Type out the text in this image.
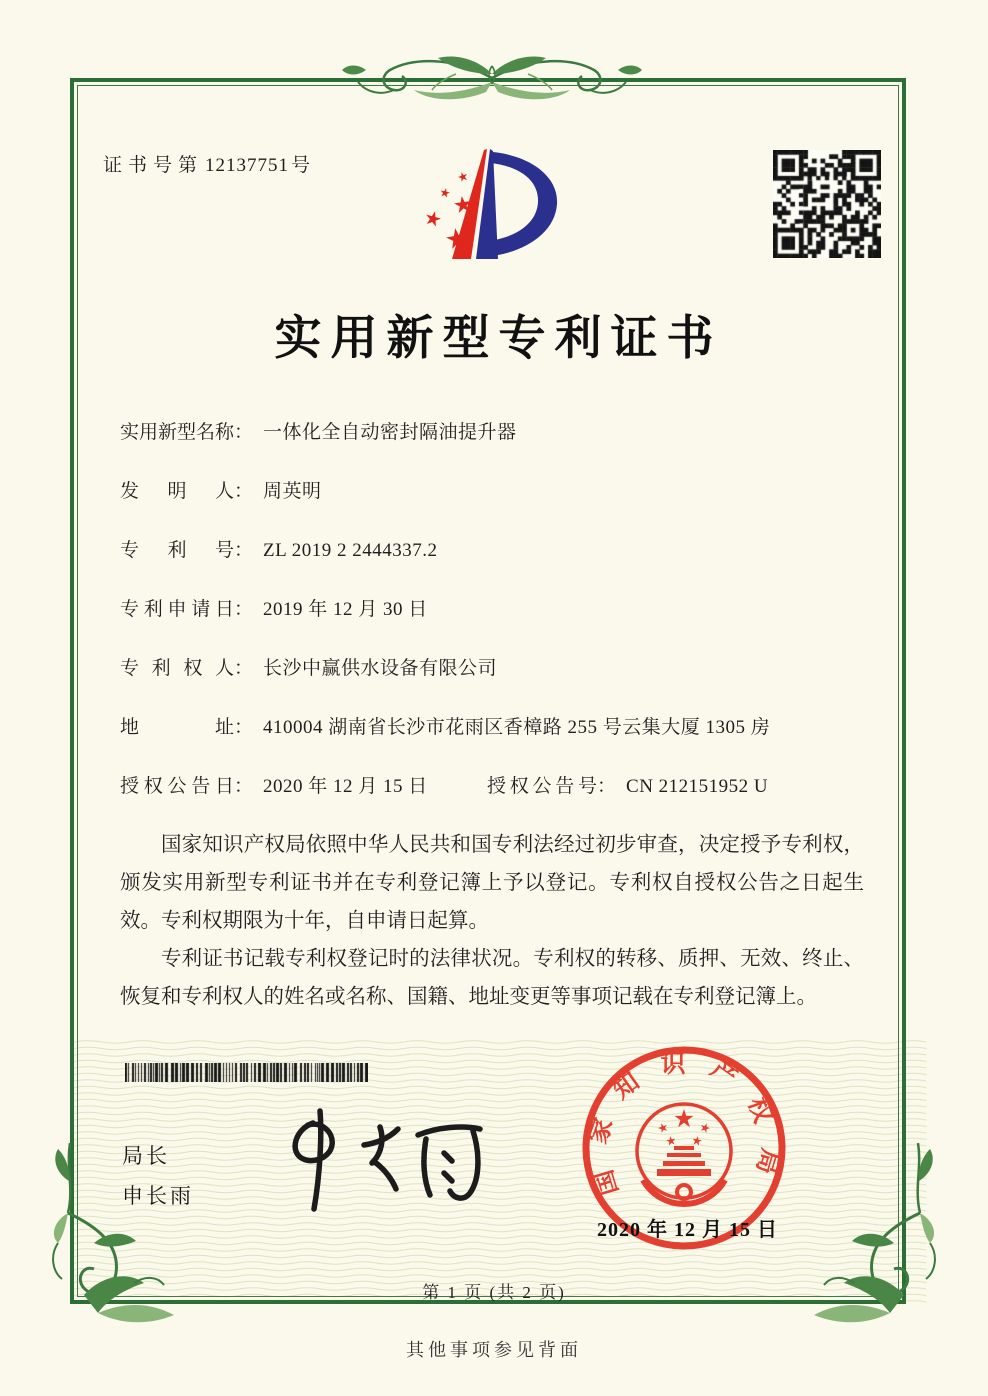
证书号第 12137751 号
实用新型专利证书
实用新型名称： 一体化全自动密封隔油提升器
发明人： 周英明
专利号： ZL 2019 2 2444337.2
专利申请日： 2019 年 12 月 30 日
专利权人： 长沙中赢供水设备有限公司
地址： 410004 湖南省长沙市花雨区香樟路 255 号云集大厦 1305 房
授权公告日： 2020 年 12 月 15 日	授权公告号： CN 212151952 U

国家知识产权局依照中华人民共和国专利法经过初步审查，决定授予专利权，颁发实用新型专利证书并在专利登记簿上予以登记。专利权自授权公告之日起生效。专利权期限为十年，自申请日起算。

专利证书记载专利权登记时的法律状况。专利权的转移、质押、无效、终止、恢复和专利权人的姓名或名称、国籍、地址变更等事项记载在专利登记簿上。

局长
申长雨	国家知识产权局
2020 年 12 月 15 日
第 1 页 (共 2 页)
其他事项参见背面
